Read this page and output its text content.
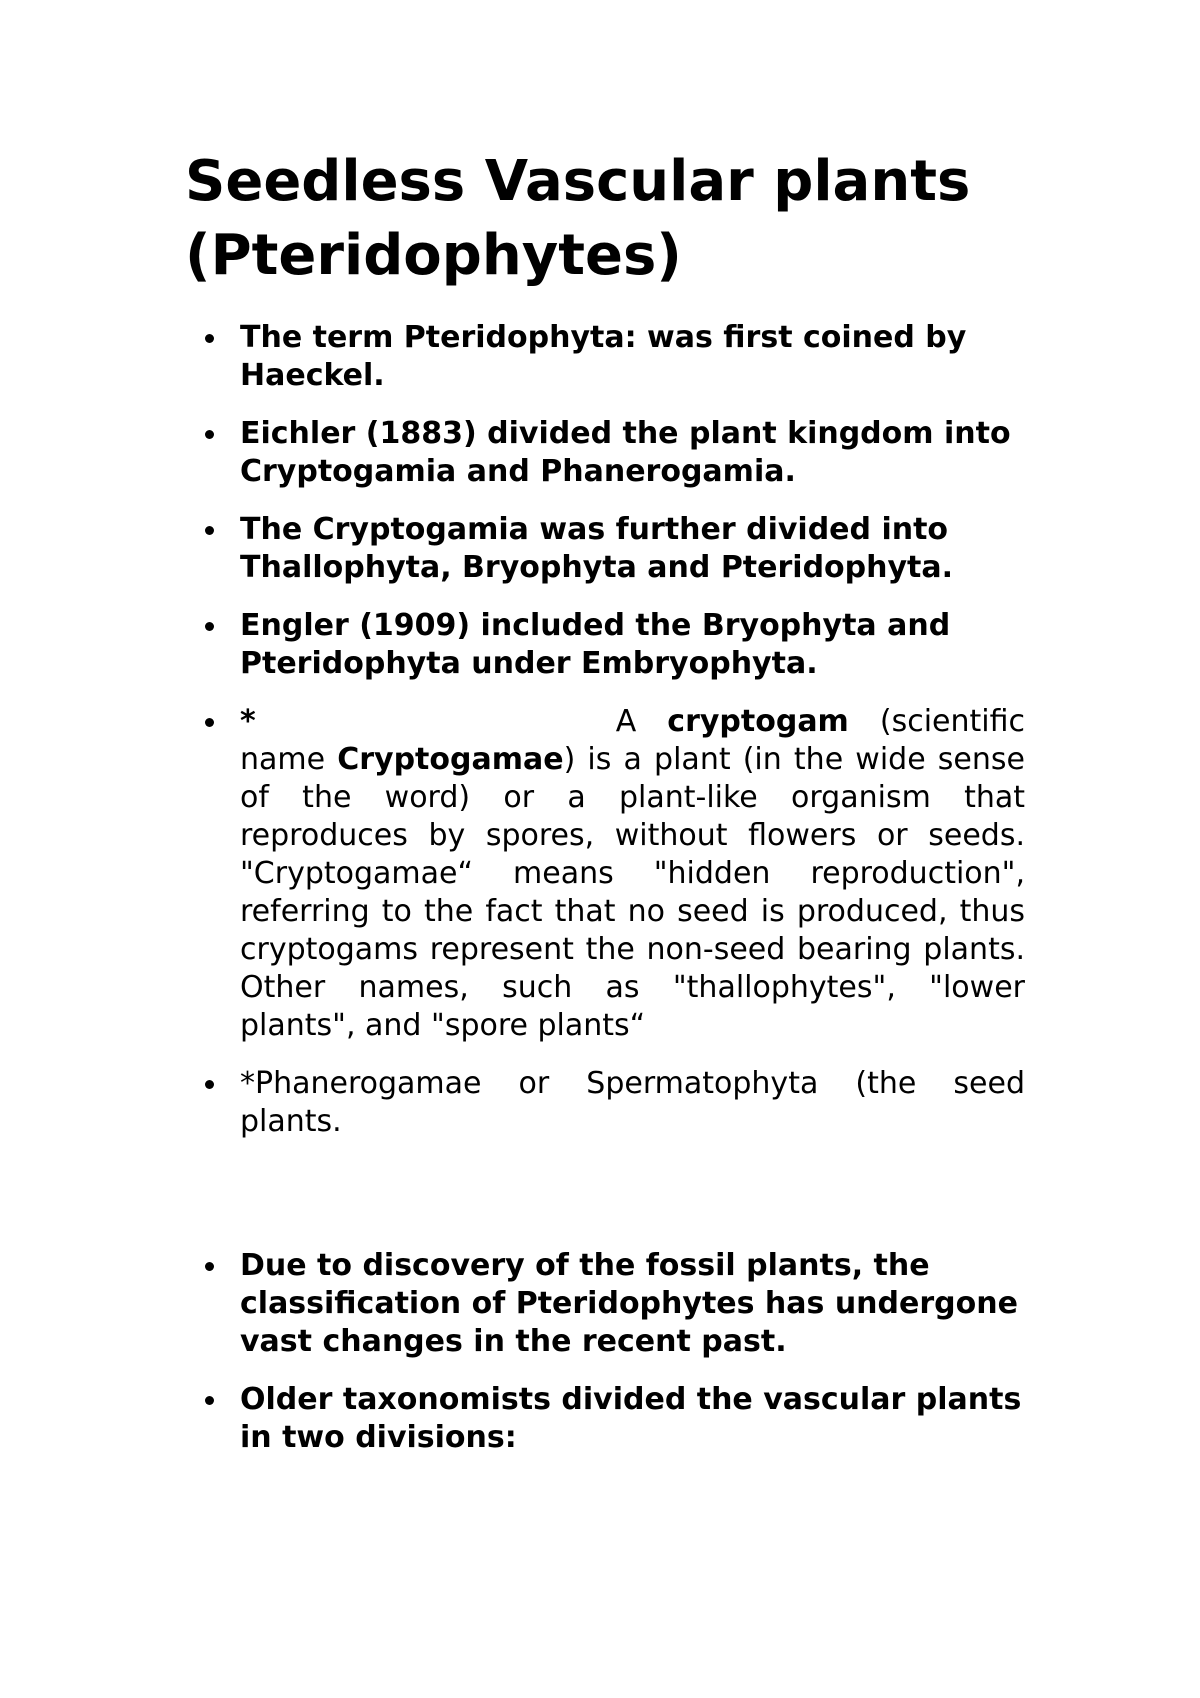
Seedless Vascular plants
(Pteridophytes)
The term Pteridophyta: was first coined by Haeckel.
Eichler (1883) divided the plant kingdom into Cryptogamia and Phanerogamia.
The Cryptogamia was further divided into Thallophyta, Bryophyta and Pteridophyta.
Engler (1909) included the Bryophyta and Pteridophyta under Embryophyta.
*	A cryptogam (scientific name Cryptogamae) is a plant (in the wide sense of the word) or a plant-like organism that reproduces by spores, without flowers or seeds. "Cryptogamae“ means "hidden reproduction", referring to the fact that no seed is produced, thus cryptogams represent the non-seed bearing plants. Other names, such as "thallophytes", "lower plants", and "spore plants“
*Phanerogamae or Spermatophyta (the seed plants.
Due to discovery of the fossil plants, the classification of Pteridophytes has undergone vast changes in the recent past.
Older taxonomists divided the vascular plants in two divisions:
